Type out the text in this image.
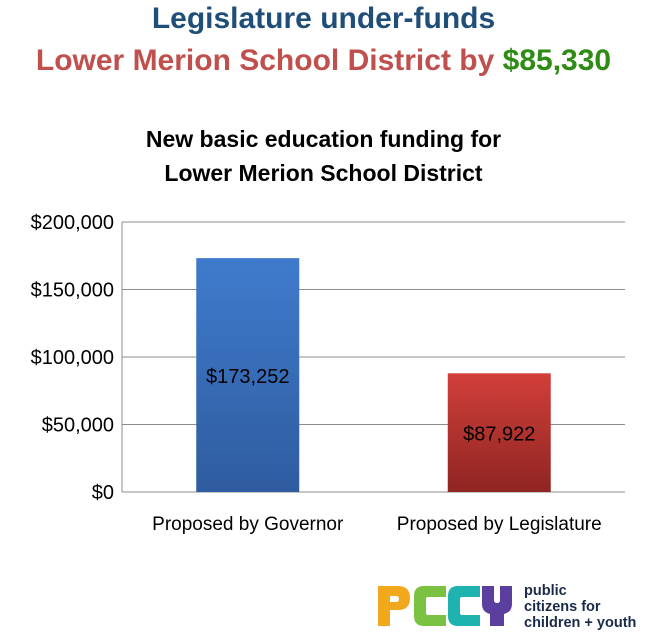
Legislature under-funds
Lower Merion School District by $85,330
New basic education funding for
Lower Merion School District
$0
$50,000
$100,000
$150,000
$200,000
$173,252
Proposed by Governor
$87,922
Proposed by Legislature
public
citizens for
children + youth
